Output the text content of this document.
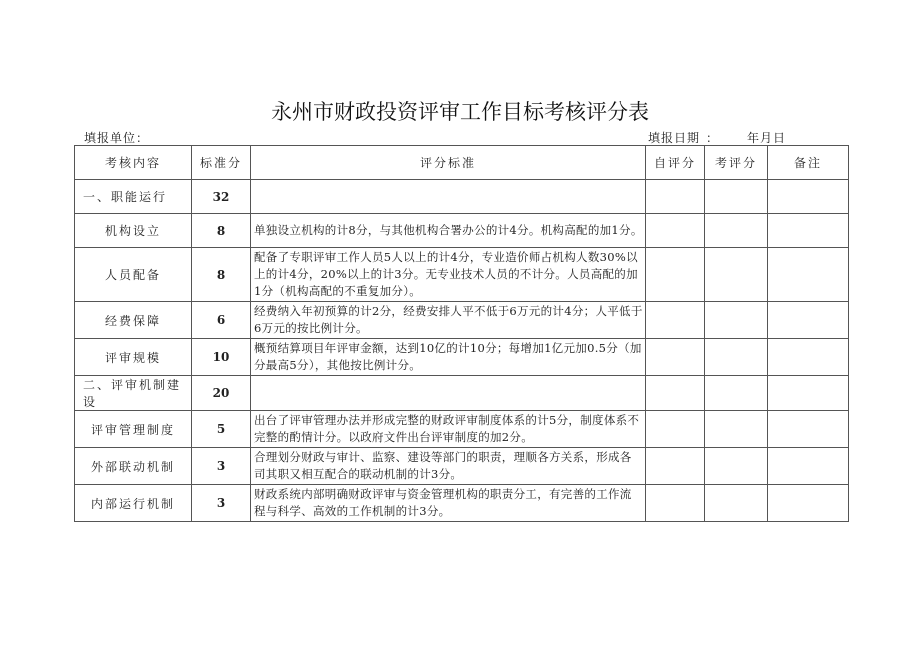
永州市财政投资评审工作目标考核评分表
填报单位：	填报日期 ： 年月日
考核内容	标准分	评分标准	自评分	考评分	备注
一、职能运行	32				
机构设立	8	单独设立机构的计8分，与其他机构合署办公的计4分。机构高配的加1分。			
人员配备	8	配备了专职评审工作人员5人以上的计4分，专业造价师占机构人数30%以上的计4分，20%以上的计3分。无专业技术人员的不计分。人员高配的加1分（机构高配的不重复加分）。			
经费保障	6	经费纳入年初预算的计2分，经费安排人平不低于6万元的计4分；人平低于6万元的按比例计分。			
评审规模	10	概预结算项目年评审金额，达到10亿的计10分；每增加1亿元加0.5分（加分最高5分），其他按比例计分。			
二、评审机制建设	20				
评审管理制度	5	出台了评审管理办法并形成完整的财政评审制度体系的计5分，制度体系不完整的酌情计分。以政府文件出台评审制度的加2分。			
外部联动机制	3	合理划分财政与审计、监察、建设等部门的职责，理顺各方关系，形成各司其职又相互配合的联动机制的计3分。			
内部运行机制	3	财政系统内部明确财政评审与资金管理机构的职责分工，有完善的工作流程与科学、高效的工作机制的计3分。			
